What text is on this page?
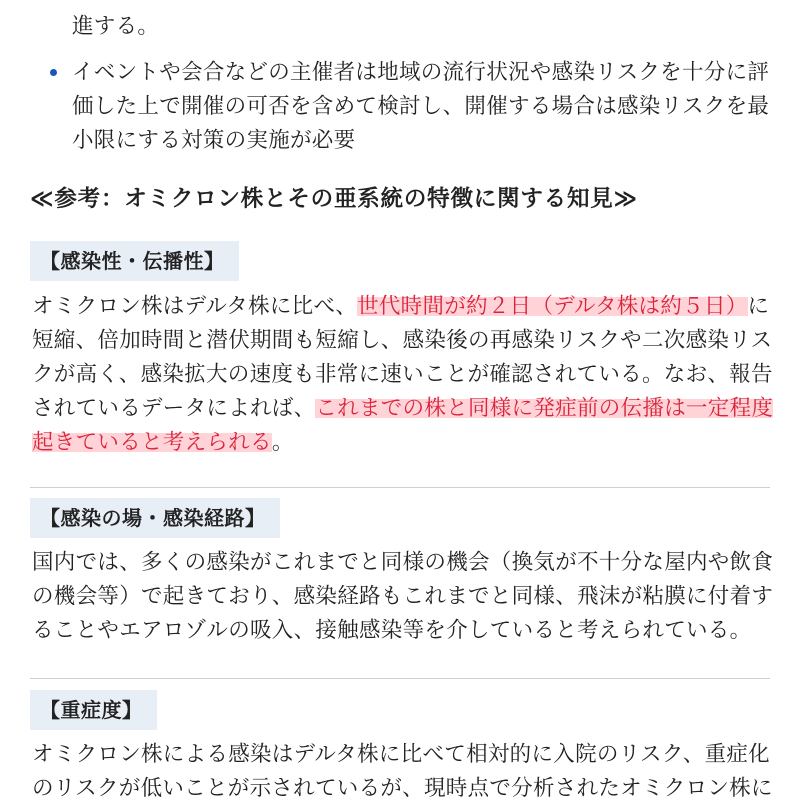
進する。
イベントや会合などの主催者は地域の流行状況や感染リスクを十分に評
価した上で開催の可否を含めて検討し、開催する場合は感染リスクを最
小限にする対策の実施が必要
≪参考：オミクロン株とその亜系統の特徴に関する知見≫
【感染性・伝播性】
オミクロン株はデルタ株に比べ、世代時間が約２日（デルタ株は約５日）に
短縮、倍加時間と潜伏期間も短縮し、感染後の再感染リスクや二次感染リス
クが高く、感染拡大の速度も非常に速いことが確認されている。なお、報告
されているデータによれば、これまでの株と同様に発症前の伝播は一定程度
起きていると考えられる。
【感染の場・感染経路】
国内では、多くの感染がこれまでと同様の機会（換気が不十分な屋内や飲食
の機会等）で起きており、感染経路もこれまでと同様、飛沫が粘膜に付着す
ることやエアロゾルの吸入、接触感染等を介していると考えられている。
【重症度】
オミクロン株による感染はデルタ株に比べて相対的に入院のリスク、重症化
のリスクが低いことが示されているが、現時点で分析されたオミクロン株に
